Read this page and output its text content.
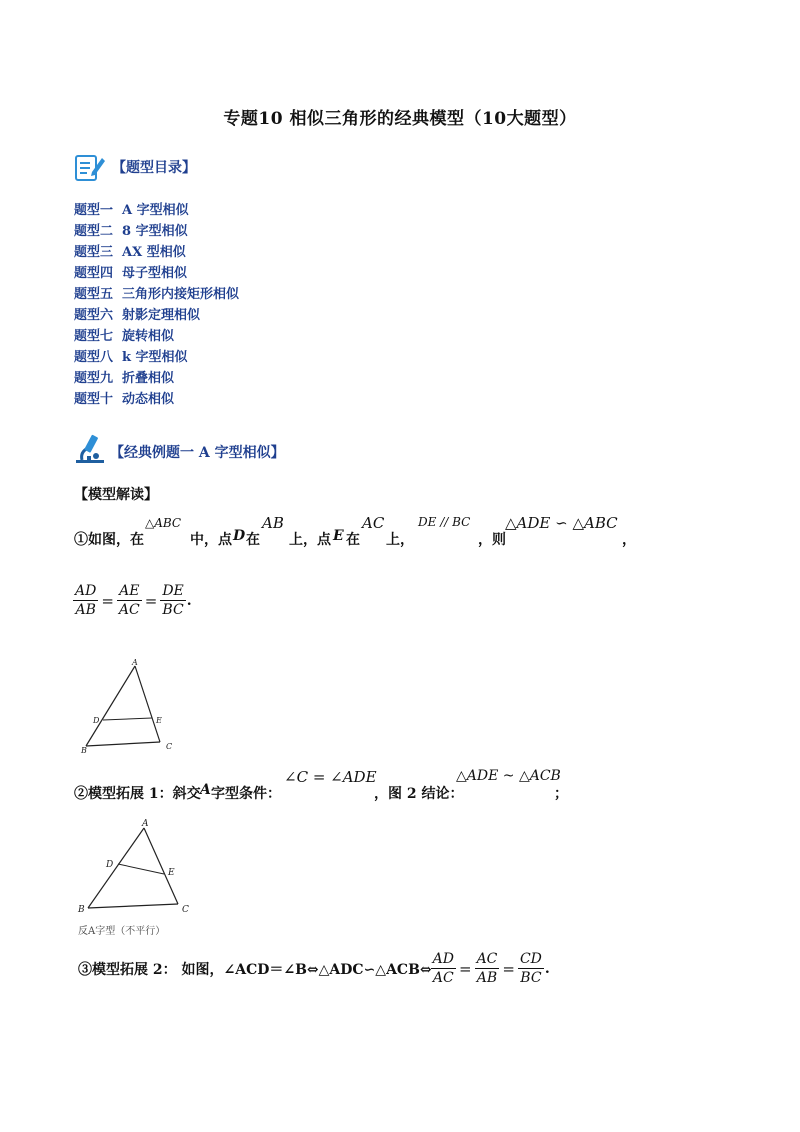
专题10 相似三角形的经典模型（10大题型）
【题型目录】
题型一 A 字型相似
题型二 8 字型相似
题型三 AX 型相似
题型四 母子型相似
题型五 三角形内接矩形相似
题型六 射影定理相似
题型七 旋转相似
题型八 k 字型相似
题型九 折叠相似
题型十 动态相似
【经典例题一 A 字型相似】
【模型解读】
①如图，在
△ABC
中，点 D 在
AB
上，点 E 在
AC
上，
DE // BC
，则
△ADE ∽ △ABC
，
$\frac{AD}{AB} = \frac{AE}{AC} = \frac{DE}{BC}$ .
A
D	E
B	C
②模型拓展 1：斜交 A 字型条件：
∠C = ∠ADE
，图 2 结论：
△ADE ~ △ACB
；
A
D
E
B	C
反A字型（不平行）
③模型拓展 2： 如图，∠ACD＝∠B⇔△ADC∽△ACB⇔ $\frac{AD}{AC} = \frac{AC}{AB} = \frac{CD}{BC}$ .
